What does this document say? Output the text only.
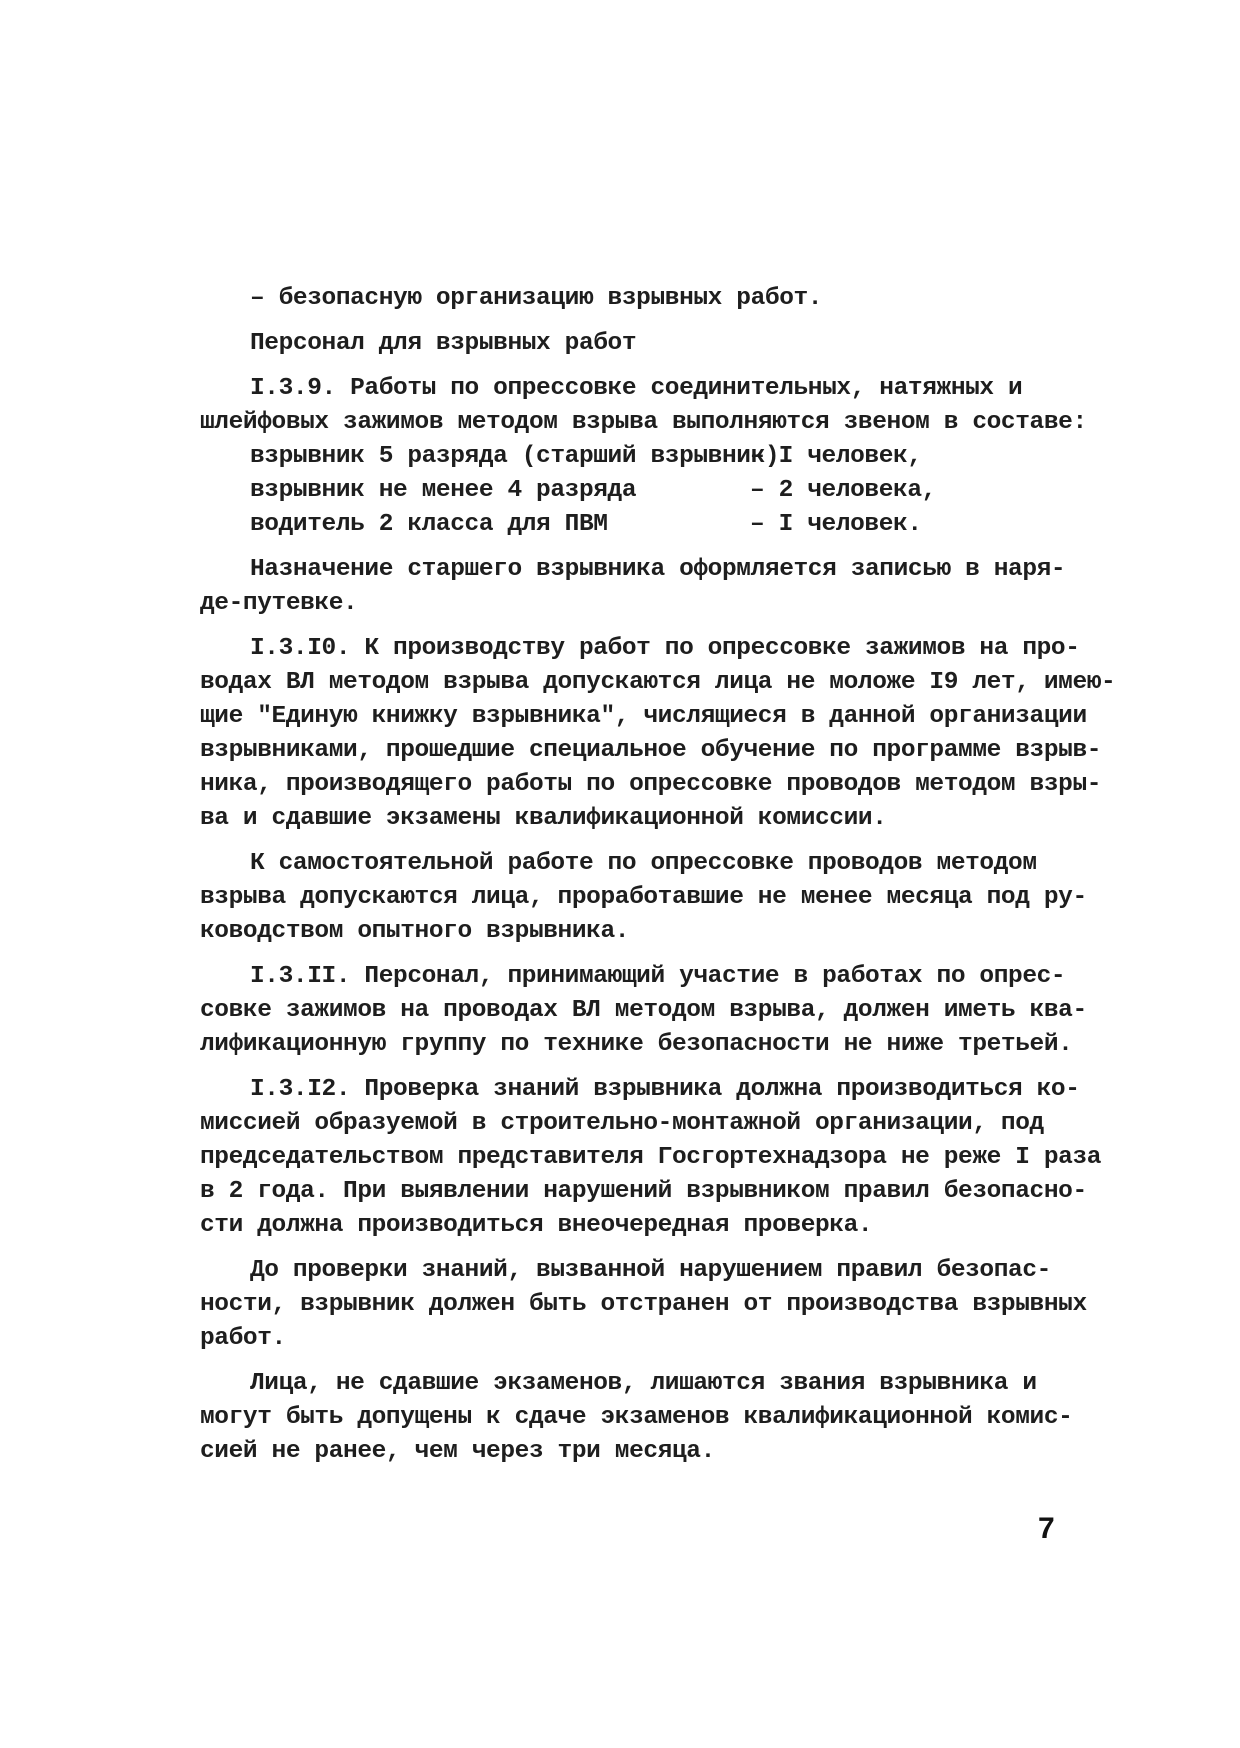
– безопасную организацию взрывных работ.
Персонал для взрывных работ
I.3.9. Работы по опрессовке соединительных, натяжных и
шлейфовых зажимов методом взрыва выполняются звеном в составе:
взрывник 5 разряда (старший взрывник)
– I человек,
взрывник не менее 4 разряда	– 2 человека,
водитель 2 класса для ПВМ	– I человек.
Назначение старшего взрывника оформляется записью в наря-
де-путевке.
I.3.I0. К производству работ по опрессовке зажимов на про-
водах ВЛ методом взрыва допускаются лица не моложе I9 лет, имею-
щие "Единую книжку взрывника", числящиеся в данной организации
взрывниками, прошедшие специальное обучение по программе взрыв-
ника, производящего работы по опрессовке проводов методом взры-
ва и сдавшие экзамены квалификационной комиссии.
К самостоятельной работе по опрессовке проводов методом
взрыва допускаются лица, проработавшие не менее месяца под ру-
ководством опытного взрывника.
I.3.II. Персонал, принимающий участие в работах по опрес-
совке зажимов на проводах ВЛ методом взрыва, должен иметь ква-
лификационную группу по технике безопасности не ниже третьей.
I.3.I2. Проверка знаний взрывника должна производиться ко-
миссией образуемой в строительно-монтажной организации, под
председательством представителя Госгортехнадзора не реже I раза
в 2 года. При выявлении нарушений взрывником правил безопасно-
сти должна производиться внеочередная проверка.
До проверки знаний, вызванной нарушением правил безопас-
ности, взрывник должен быть отстранен от производства взрывных
работ.
Лица, не сдавшие экзаменов, лишаются звания взрывника и
могут быть допущены к сдаче экзаменов квалификационной комис-
сией не ранее, чем через три месяца.
7
